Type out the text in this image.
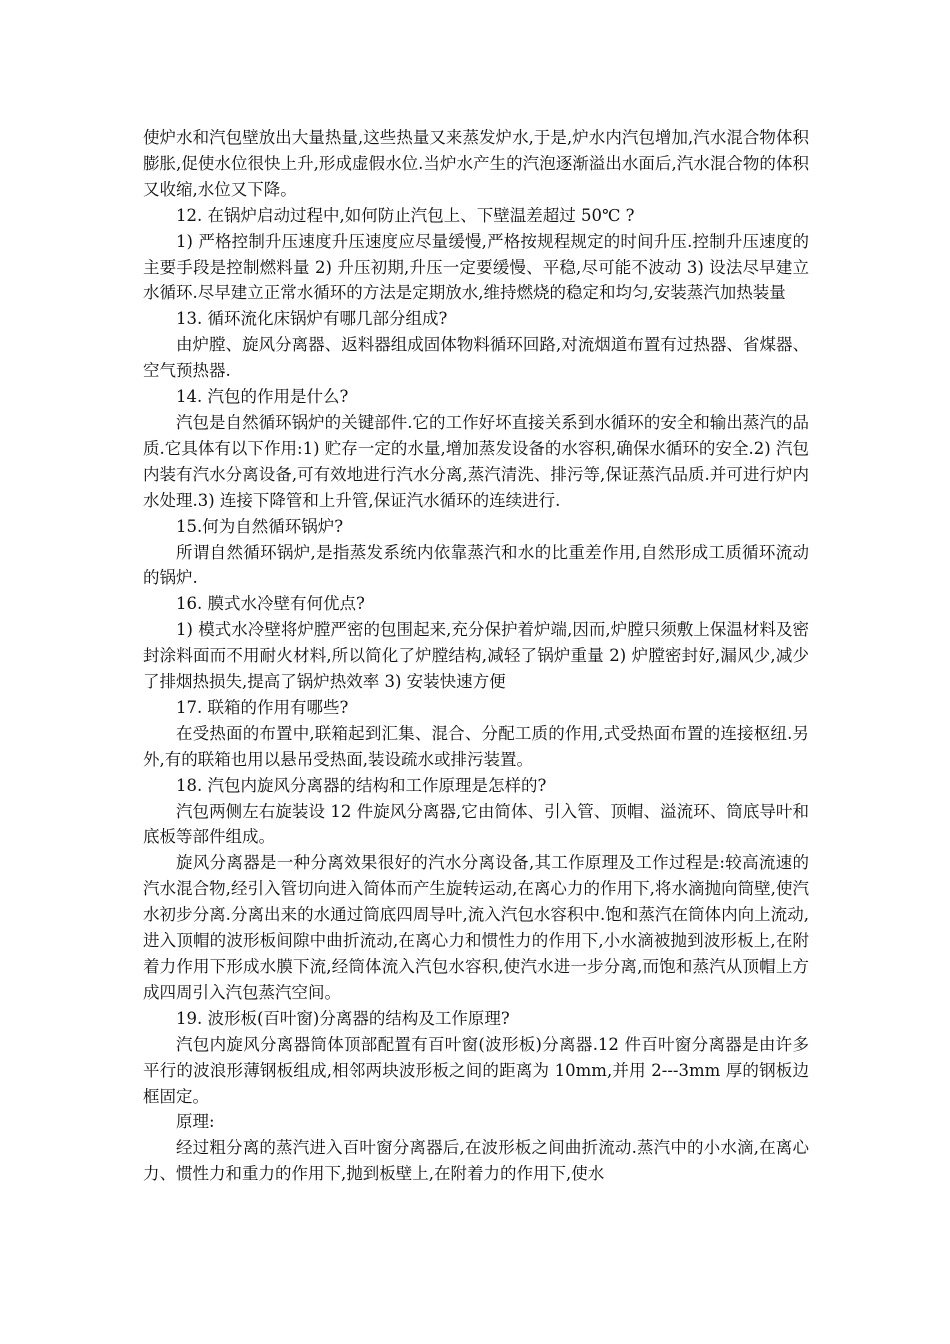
使炉水和汽包壁放出大量热量,这些热量又来蒸发炉水,于是,炉水内汽包增加,汽水混合物体积膨胀,促使水位很快上升,形成虚假水位.当炉水产生的汽泡逐渐溢出水面后,汽水混合物的体积又收缩,水位又下降。

12. 在锅炉启动过程中,如何防止汽包上、下壁温差超过 50℃ ?

1) 严格控制升压速度升压速度应尽量缓慢,严格按规程规定的时间升压.控制升压速度的主要手段是控制燃料量 2) 升压初期,升压一定要缓慢、平稳,尽可能不波动 3) 设法尽早建立水循环.尽早建立正常水循环的方法是定期放水,维持燃烧的稳定和均匀,安装蒸汽加热装量

13. 循环流化床锅炉有哪几部分组成?

由炉膛、旋风分离器、返料器组成固体物料循环回路,对流烟道布置有过热器、省煤器、空气预热器.

14. 汽包的作用是什么?

汽包是自然循环锅炉的关键部件.它的工作好坏直接关系到水循环的安全和输出蒸汽的品质.它具体有以下作用:1) 贮存一定的水量,增加蒸发设备的水容积,确保水循环的安全.2) 汽包内装有汽水分离设备,可有效地进行汽水分离,蒸汽清洗、排污等,保证蒸汽品质.并可进行炉内水处理.3) 连接下降管和上升管,保证汽水循环的连续进行.

15.何为自然循环锅炉?

所谓自然循环锅炉,是指蒸发系统内依靠蒸汽和水的比重差作用,自然形成工质循环流动的锅炉.

16. 膜式水冷壁有何优点?

1) 模式水冷壁将炉膛严密的包围起来,充分保护着炉端,因而,炉膛只须敷上保温材料及密封涂料面而不用耐火材料,所以简化了炉膛结构,减轻了锅炉重量 2) 炉膛密封好,漏风少,减少了排烟热损失,提高了锅炉热效率 3) 安装快速方便

17. 联箱的作用有哪些?

在受热面的布置中,联箱起到汇集、混合、分配工质的作用,式受热面布置的连接枢纽.另外,有的联箱也用以悬吊受热面,装设疏水或排污装置。

18. 汽包内旋风分离器的结构和工作原理是怎样的?

汽包两侧左右旋装设 12 件旋风分离器,它由简体、引入管、顶帽、溢流环、筒底导叶和底板等部件组成。

旋风分离器是一种分离效果很好的汽水分离设备,其工作原理及工作过程是:较高流速的汽水混合物,经引入管切向进入简体而产生旋转运动,在离心力的作用下,将水滴抛向筒壁,使汽水初步分离.分离出来的水通过筒底四周导叶,流入汽包水容积中.饱和蒸汽在筒体内向上流动,进入顶帽的波形板间隙中曲折流动,在离心力和惯性力的作用下,小水滴被抛到波形板上,在附着力作用下形成水膜下流,经筒体流入汽包水容积,使汽水进一步分离,而饱和蒸汽从顶帽上方成四周引入汽包蒸汽空间。

19. 波形板(百叶窗)分离器的结构及工作原理?

汽包内旋风分离器筒体顶部配置有百叶窗(波形板)分离器.12 件百叶窗分离器是由许多平行的波浪形薄钢板组成,相邻两块波形板之间的距离为 10mm,并用 2---3mm 厚的钢板边框固定。

原理:

经过粗分离的蒸汽进入百叶窗分离器后,在波形板之间曲折流动.蒸汽中的小水滴,在离心力、惯性力和重力的作用下,抛到板壁上,在附着力的作用下,使水
